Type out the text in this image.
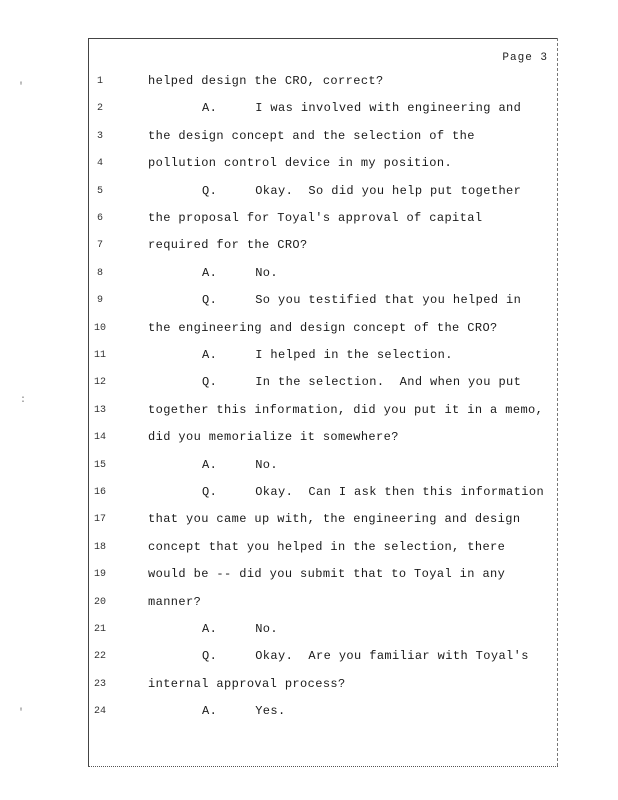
Page 3
'
:
'
1	helped design the CRO, correct?
2	A.     I was involved with engineering and
3	the design concept and the selection of the
4	pollution control device in my position.
5	Q.     Okay.  So did you help put together
6	the proposal for Toyal's approval of capital
7	required for the CRO?
8	A.     No.
9	Q.     So you testified that you helped in
10	the engineering and design concept of the CRO?
11	A.     I helped in the selection.
12	Q.     In the selection.  And when you put
13	together this information, did you put it in a memo,
14	did you memorialize it somewhere?
15	A.     No.
16	Q.     Okay.  Can I ask then this information
17	that you came up with, the engineering and design
18	concept that you helped in the selection, there
19	would be -- did you submit that to Toyal in any
20	manner?
21	A.     No.
22	Q.     Okay.  Are you familiar with Toyal's
23	internal approval process?
24	A.     Yes.
